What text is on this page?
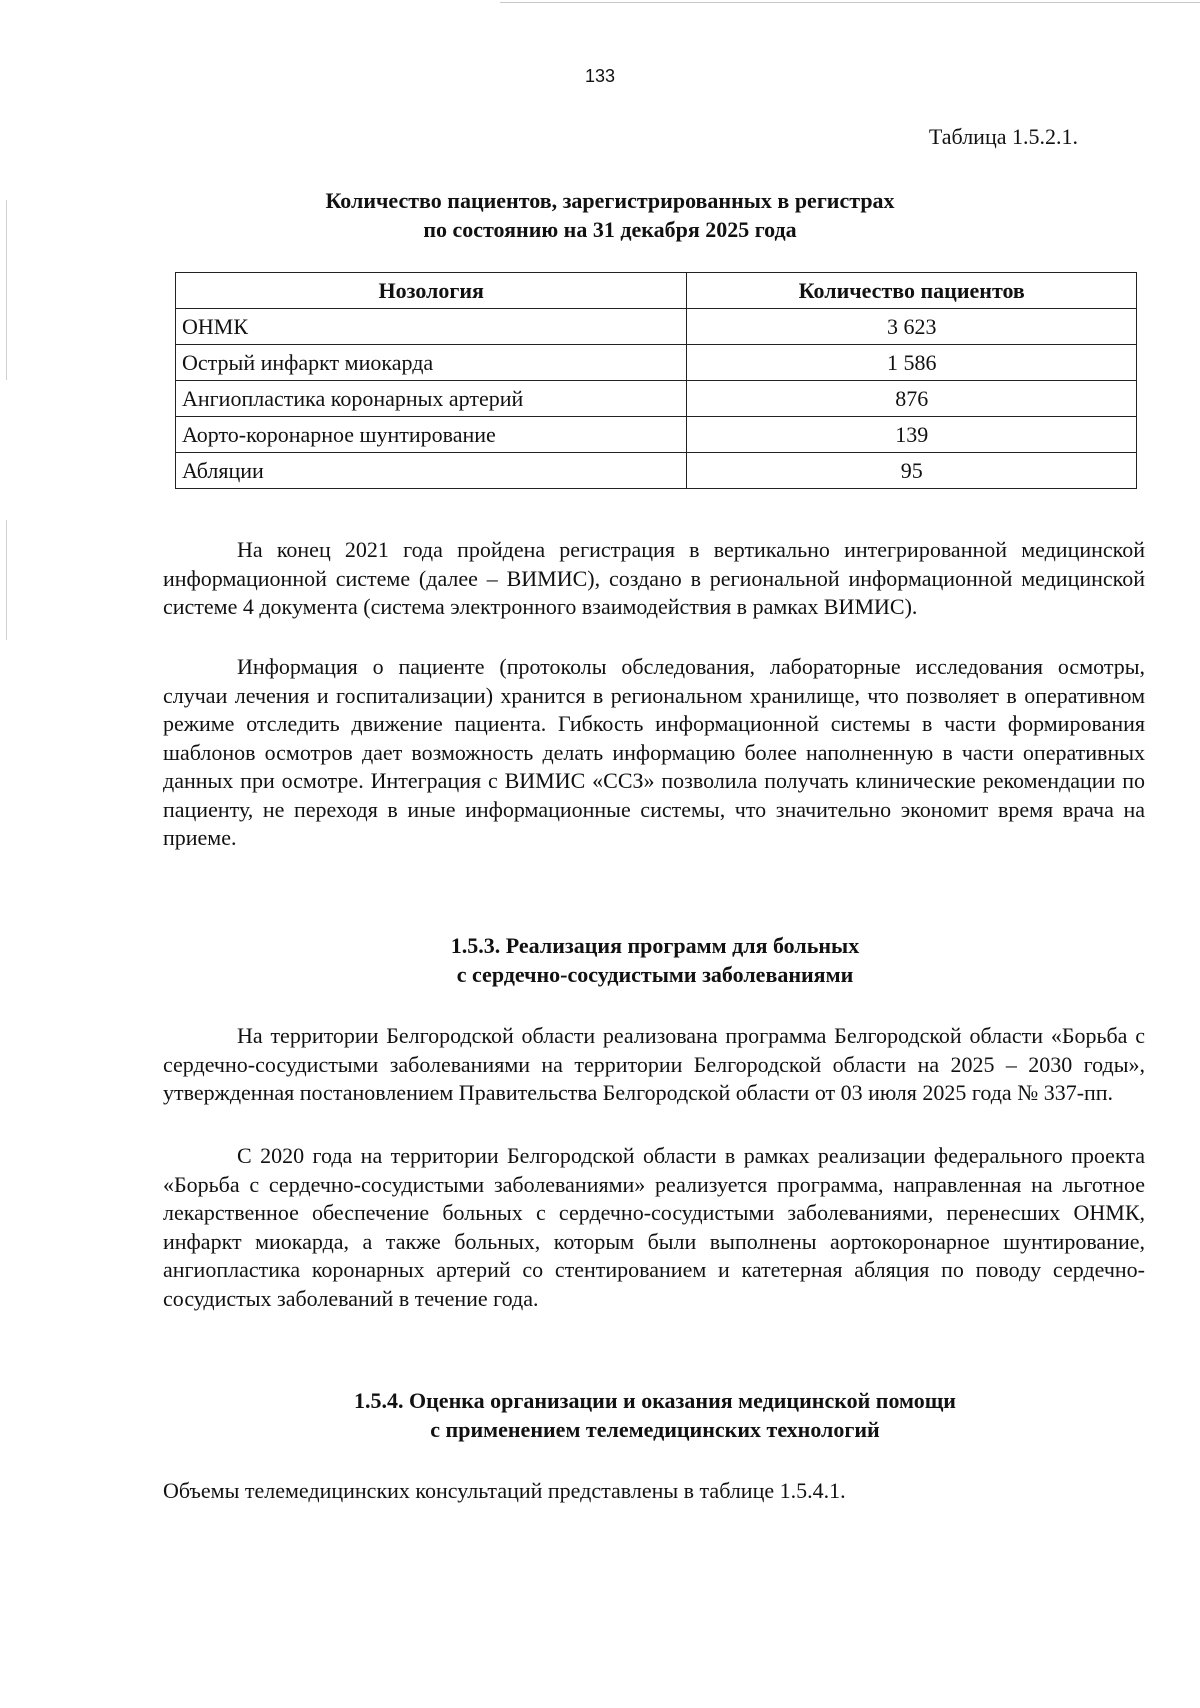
133
Таблица 1.5.2.1.
Количество пациентов, зарегистрированных в регистрах
по состоянию на 31 декабря 2025 года
Нозология	Количество пациентов
ОНМК	3 623
Острый инфаркт миокарда	1 586
Ангиопластика коронарных артерий	876
Аорто-коронарное шунтирование	139
Абляции	95

На конец 2021 года пройдена регистрация в вертикально интегрированной медицинской информационной системе (далее – ВИМИС), создано в региональной информационной медицинской системе 4 документа (система электронного взаимодействия в рамках ВИМИС).

Информация о пациенте (протоколы обследования, лабораторные исследования осмотры, случаи лечения и госпитализации) хранится в региональном хранилище, что позволяет в оперативном режиме отследить движение пациента. Гибкость информационной системы в части формирования шаблонов осмотров дает возможность делать информацию более наполненную в части оперативных данных при осмотре. Интеграция с ВИМИС «ССЗ» позволила получать клинические рекомендации по пациенту, не переходя в иные информационные системы, что значительно экономит время врача на приеме.

1.5.3. Реализация программ для больных
с сердечно-сосудистыми заболеваниями

На территории Белгородской области реализована программа Белгородской области «Борьба с сердечно-сосудистыми заболеваниями на территории Белгородской области на 2025 – 2030 годы», утвержденная постановлением Правительства Белгородской области от 03 июля 2025 года № 337-пп.

С 2020 года на территории Белгородской области в рамках реализации федерального проекта «Борьба с сердечно-сосудистыми заболеваниями» реализуется программа, направленная на льготное лекарственное обеспечение больных с сердечно-сосудистыми заболеваниями, перенесших ОНМК, инфаркт миокарда, а также больных, которым были выполнены аортокоронарное шунтирование, ангиопластика коронарных артерий со стентированием и катетерная абляция по поводу сердечно-сосудистых заболеваний в течение года.

1.5.4. Оценка организации и оказания медицинской помощи
с применением телемедицинских технологий

Объемы телемедицинских консультаций представлены в таблице 1.5.4.1.
